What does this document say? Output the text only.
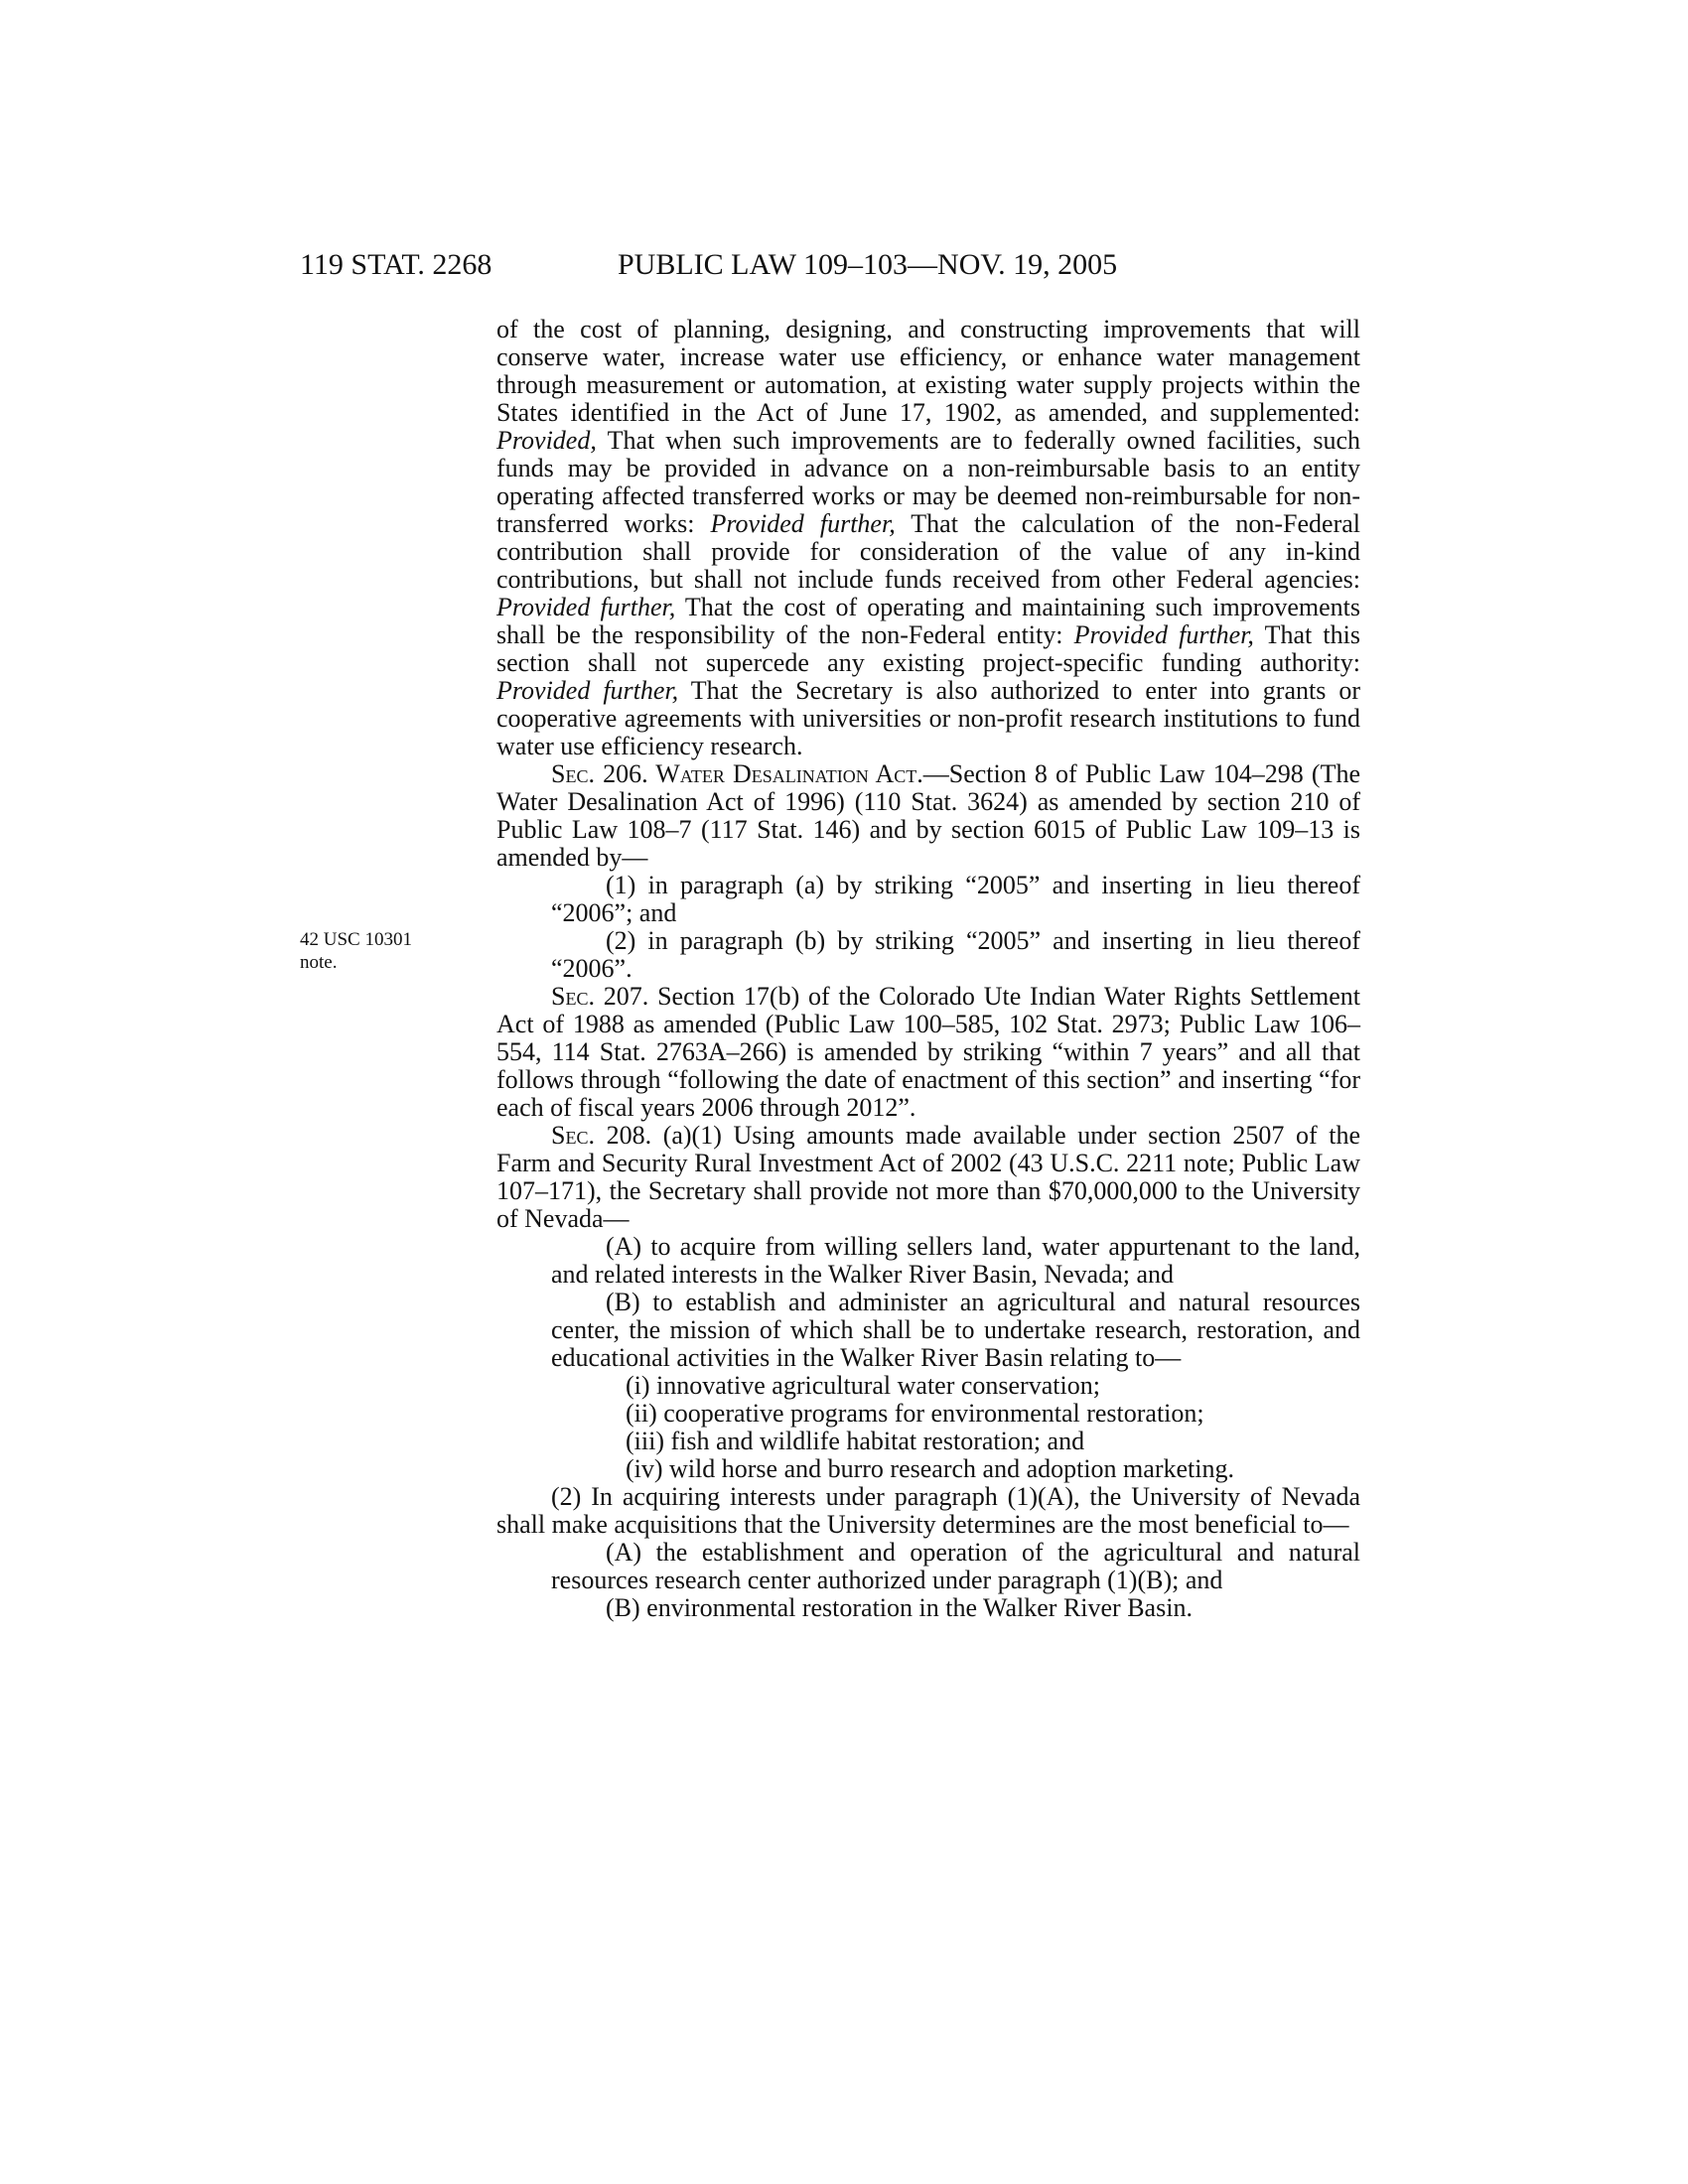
119 STAT. 2268	PUBLIC LAW 109–103—NOV. 19, 2005
42 USC 10301
note.

of the cost of planning, designing, and constructing improvements that will conserve water, increase water use efficiency, or enhance water management through measurement or automation, at existing water supply projects within the States identified in the Act of June 17, 1902, as amended, and supplemented: Provided, That when such improvements are to federally owned facilities, such funds may be provided in advance on a non-reimbursable basis to an entity operating affected transferred works or may be deemed non-reimbursable for non-transferred works: Provided further, That the calculation of the non-Federal contribution shall provide for consideration of the value of any in-kind contributions, but shall not include funds received from other Federal agencies: Provided further, That the cost of operating and maintaining such improvements shall be the responsibility of the non-Federal entity: Provided further, That this section shall not supercede any existing project-specific funding authority: Provided further, That the Secretary is also authorized to enter into grants or cooperative agreements with universities or non-profit research institutions to fund water use efficiency research.

Sec. 206. Water Desalination Act.—Section 8 of Public Law 104–298 (The Water Desalination Act of 1996) (110 Stat. 3624) as amended by section 210 of Public Law 108–7 (117 Stat. 146) and by section 6015 of Public Law 109–13 is amended by—

(1) in paragraph (a) by striking “2005” and inserting in lieu thereof “2006”; and

(2) in paragraph (b) by striking “2005” and inserting in lieu thereof “2006”.

Sec. 207. Section 17(b) of the Colorado Ute Indian Water Rights Settlement Act of 1988 as amended (Public Law 100–585, 102 Stat. 2973; Public Law 106–554, 114 Stat. 2763A–266) is amended by striking “within 7 years” and all that follows through “following the date of enactment of this section” and inserting “for each of fiscal years 2006 through 2012”.

Sec. 208. (a)(1) Using amounts made available under section 2507 of the Farm and Security Rural Investment Act of 2002 (43 U.S.C. 2211 note; Public Law 107–171), the Secretary shall provide not more than $70,000,000 to the University of Nevada—

(A) to acquire from willing sellers land, water appurtenant to the land, and related interests in the Walker River Basin, Nevada; and

(B) to establish and administer an agricultural and natural resources center, the mission of which shall be to undertake research, restoration, and educational activities in the Walker River Basin relating to—

(i) innovative agricultural water conservation;

(ii) cooperative programs for environmental restoration;

(iii) fish and wildlife habitat restoration; and

(iv) wild horse and burro research and adoption marketing.

(2) In acquiring interests under paragraph (1)(A), the University of Nevada shall make acquisitions that the University determines are the most beneficial to—

(A) the establishment and operation of the agricultural and natural resources research center authorized under paragraph (1)(B); and

(B) environmental restoration in the Walker River Basin.
